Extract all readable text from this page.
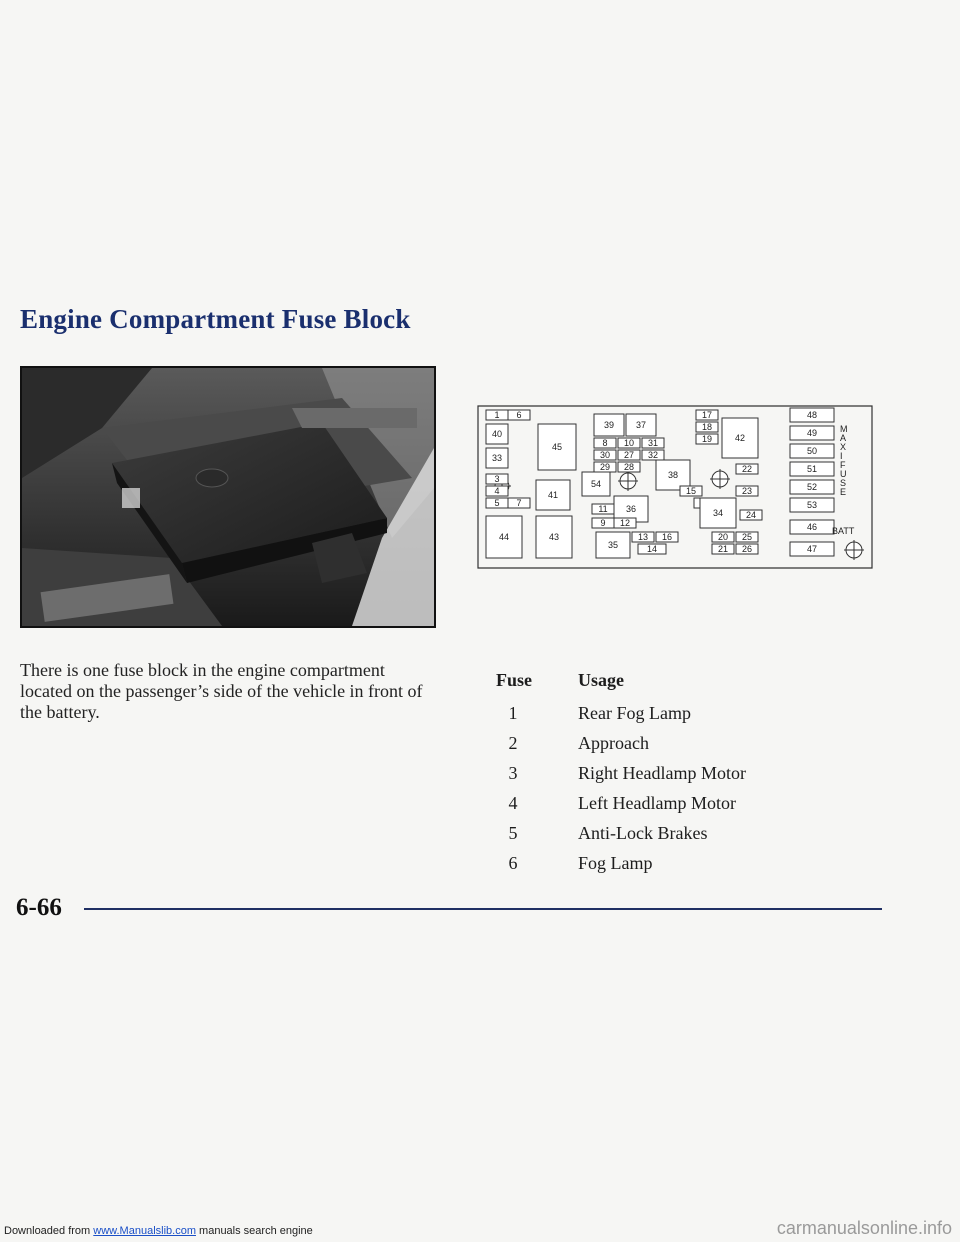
Engine Compartment Fuse Block
1 6
40
45
39 37
17
18
19	42
48
33
8 10 31
30 27 32
29 28
38
22
49
50
3
4
5 7
54
41	15	23
51
52
11 36	34	24
53
9 12	46
44	43
35
13 16
14
20 25
21 26	47
M A X I F U S E
BATT
There is one fuse block in the engine compartment located on the passenger’s side of the vehicle in front of the battery.
Fuse	Usage
1	Rear Fog Lamp
2	Approach
3	Right Headlamp Motor
4	Left Headlamp Motor
5	Anti-Lock Brakes
6	Fog Lamp
6-66
Downloaded from www.Manualslib.com manuals search engine	carmanualsonline.info
